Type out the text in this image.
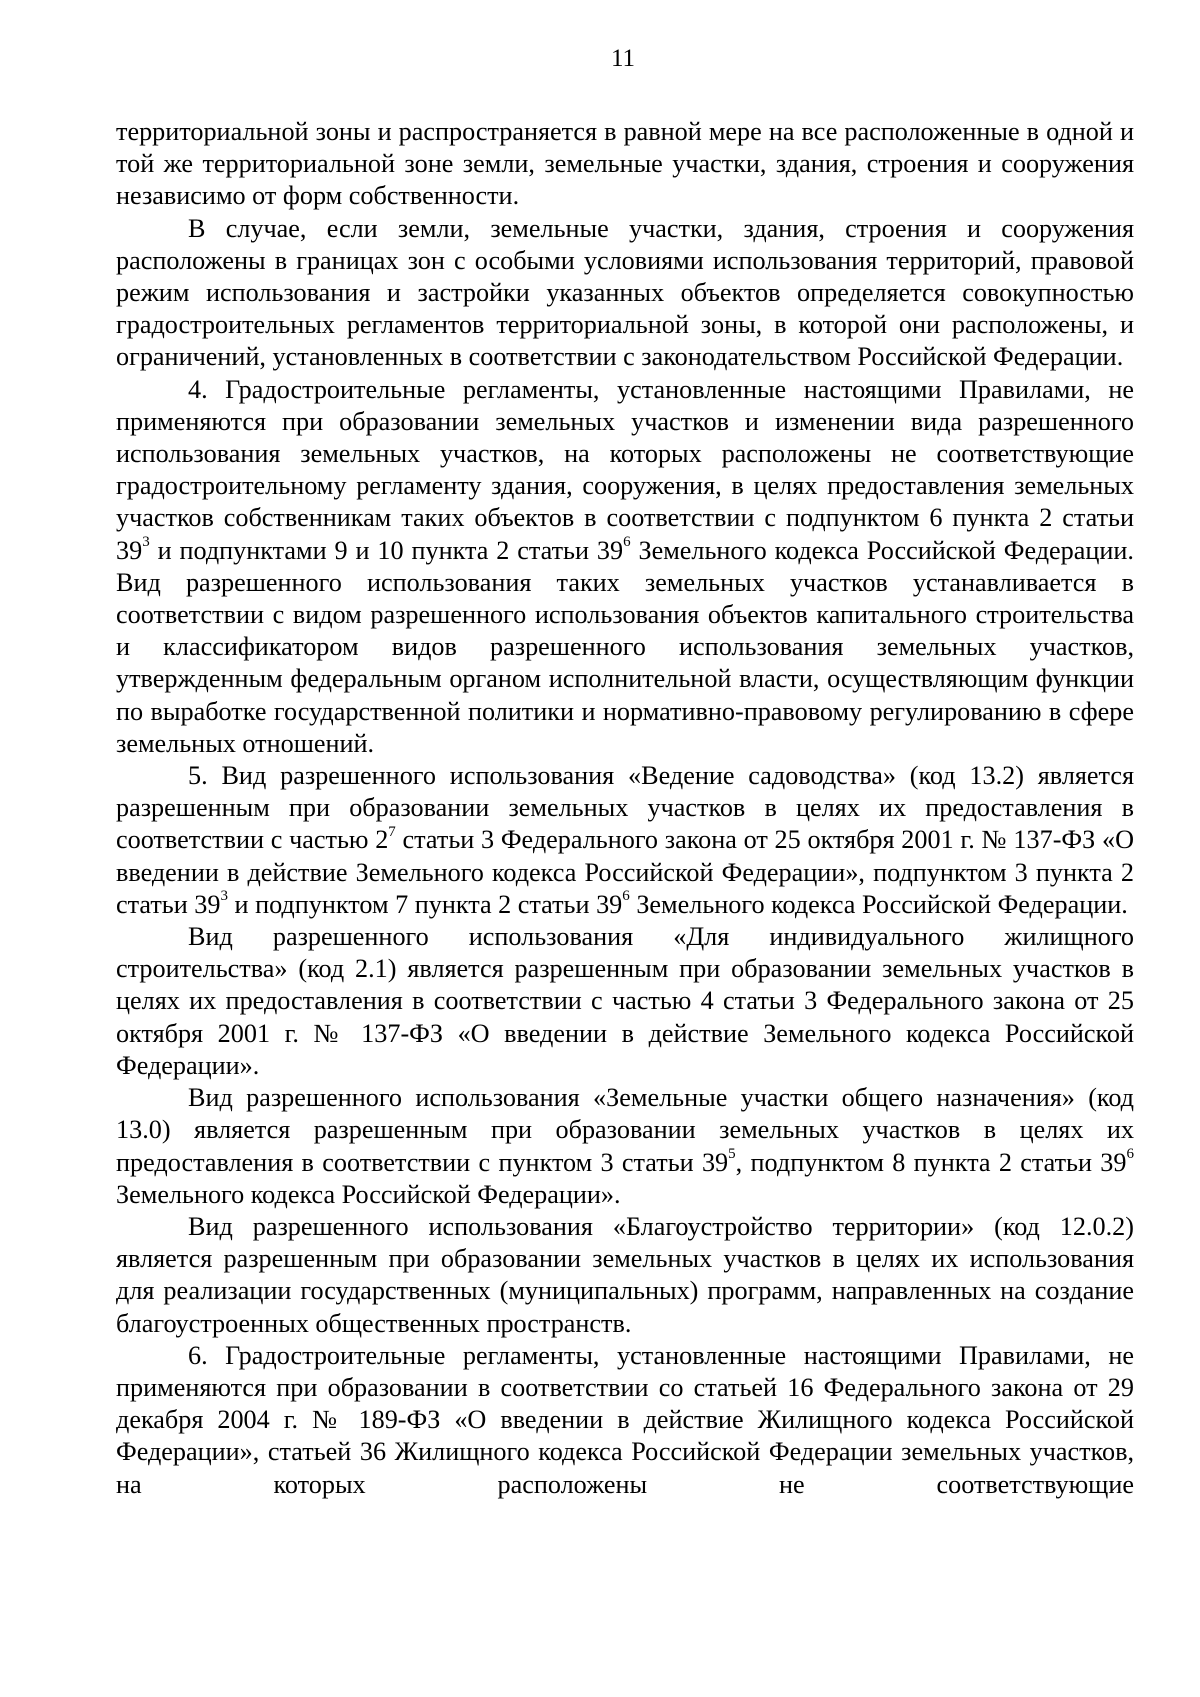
11

территориальной зоны и распространяется в равной мере на все расположенные в одной и той же территориальной зоне земли, земельные участки, здания, строения и сооружения независимо от форм собственности.

В случае, если земли, земельные участки, здания, строения и сооружения расположены в границах зон с особыми условиями использования территорий, правовой режим использования и застройки указанных объектов определяется совокупностью градостроительных регламентов территориальной зоны, в которой они расположены, и ограничений, установленных в соответствии с законодательством Российской Федерации.

4. Градостроительные регламенты, установленные настоящими Правилами, не применяются при образовании земельных участков и изменении вида разрешенного использования земельных участков, на которых расположены не соответствующие градостроительному регламенту здания, сооружения, в целях предоставления земельных участков собственникам таких объектов в соответствии с подпунктом 6 пункта 2 статьи $39^3$ и подпунктами 9 и 10 пункта 2 статьи $39^6$ Земельного кодекса Российской Федерации. Вид разрешенного использования таких земельных участков устанавливается в соответствии с видом разрешенного использования объектов капитального строительства и классификатором видов разрешенного использования земельных участков, утвержденным федеральным органом исполнительной власти, осуществляющим функции по выработке государственной политики и нормативно-правовому регулированию в сфере земельных отношений.

5. Вид разрешенного использования «Ведение садоводства» (код 13.2) является разрешенным при образовании земельных участков в целях их предоставления в соответствии с частью $2^7$ статьи 3 Федерального закона от 25 октября 2001 г. № 137-ФЗ «О введении в действие Земельного кодекса Российской Федерации», подпунктом 3 пункта 2 статьи $39^3$ и подпунктом 7 пункта 2 статьи $39^6$ Земельного кодекса Российской Федерации.

Вид разрешенного использования «Для индивидуального жилищного строительства» (код 2.1) является разрешенным при образовании земельных участков в целях их предоставления в соответствии с частью 4 статьи 3 Федерального закона от 25 октября 2001 г. № 137-ФЗ «О введении в действие Земельного кодекса Российской Федерации».

Вид разрешенного использования «Земельные участки общего назначения» (код 13.0) является разрешенным при образовании земельных участков в целях их предоставления в соответствии с пунктом 3 статьи $39^5$, подпунктом 8 пункта 2 статьи $39^6$ Земельного кодекса Российской Федерации».

Вид разрешенного использования «Благоустройство территории» (код 12.0.2) является разрешенным при образовании земельных участков в целях их использования для реализации государственных (муниципальных) программ, направленных на создание благоустроенных общественных пространств.

6. Градостроительные регламенты, установленные настоящими Правилами, не применяются при образовании в соответствии со статьей 16 Федерального закона от 29 декабря 2004 г. № 189-ФЗ «О введении в действие Жилищного кодекса Российской Федерации», статьей 36 Жилищного кодекса Российской Федерации земельных участков, на которых расположены не соответствующие
